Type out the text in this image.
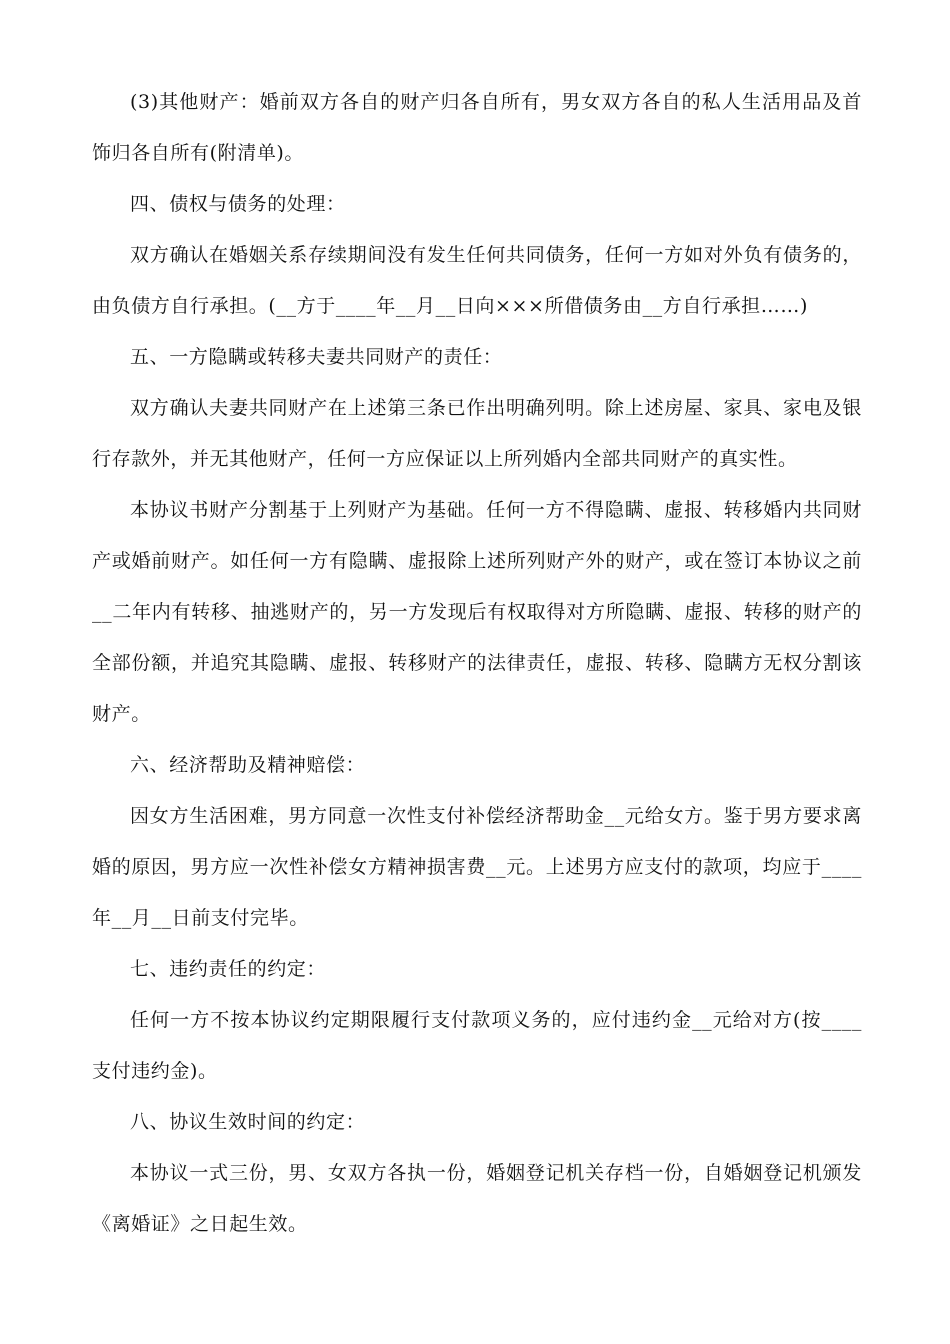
(3)其他财产：婚前双方各自的财产归各自所有，男女双方各自的私人生活用品及首饰归各自所有(附清单)。

四、债权与债务的处理：

双方确认在婚姻关系存续期间没有发生任何共同债务，任何一方如对外负有债务的，由负债方自行承担。(__方于____年__月__日向×××所借债务由__方自行承担……)

五、一方隐瞒或转移夫妻共同财产的责任：

双方确认夫妻共同财产在上述第三条已作出明确列明。除上述房屋、家具、家电及银行存款外，并无其他财产，任何一方应保证以上所列婚内全部共同财产的真实性。

本协议书财产分割基于上列财产为基础。任何一方不得隐瞒、虚报、转移婚内共同财产或婚前财产。如任何一方有隐瞒、虚报除上述所列财产外的财产，或在签订本协议之前__二年内有转移、抽逃财产的，另一方发现后有权取得对方所隐瞒、虚报、转移的财产的全部份额，并追究其隐瞒、虚报、转移财产的法律责任，虚报、转移、隐瞒方无权分割该财产。

六、经济帮助及精神赔偿：

因女方生活困难，男方同意一次性支付补偿经济帮助金__元给女方。鉴于男方要求离婚的原因，男方应一次性补偿女方精神损害费__元。上述男方应支付的款项，均应于____年__月__日前支付完毕。

七、违约责任的约定：

任何一方不按本协议约定期限履行支付款项义务的，应付违约金__元给对方(按____支付违约金)。

八、协议生效时间的约定：

本协议一式三份，男、女双方各执一份，婚姻登记机关存档一份，自婚姻登记机颁发《离婚证》之日起生效。
